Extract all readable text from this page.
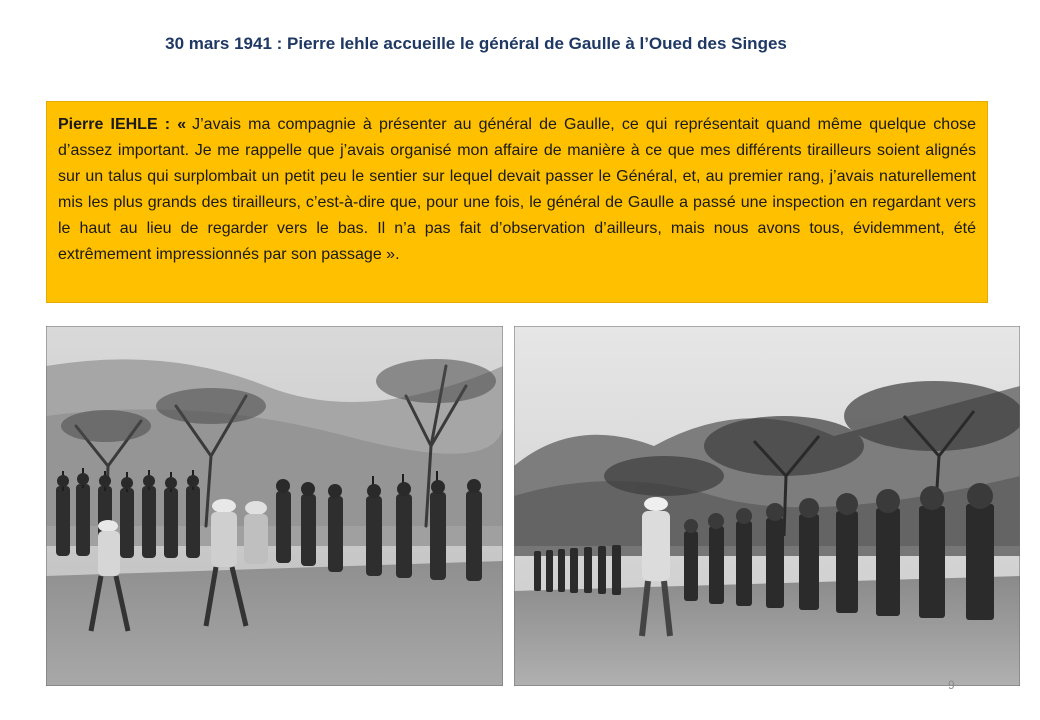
30 mars 1941 : Pierre Iehle accueille le général de Gaulle à l’Oued des Singes
Pierre IEHLE : « J’avais ma compagnie à présenter au général de Gaulle, ce qui représentait quand même quelque chose d’assez important. Je me rappelle que j’avais organisé mon affaire de manière à ce que mes différents tirailleurs soient alignés sur un talus qui surplombait un petit peu le sentier sur lequel devait passer le Général, et, au premier rang, j’avais naturellement mis les plus grands des tirailleurs, c’est-à-dire que, pour une fois, le général de Gaulle a passé une inspection en regardant vers le haut au lieu de regarder vers le bas. Il n’a pas fait d’observation d’ailleurs, mais nous avons tous, évidemment, été extrêmement impressionnés par son passage ».
9
